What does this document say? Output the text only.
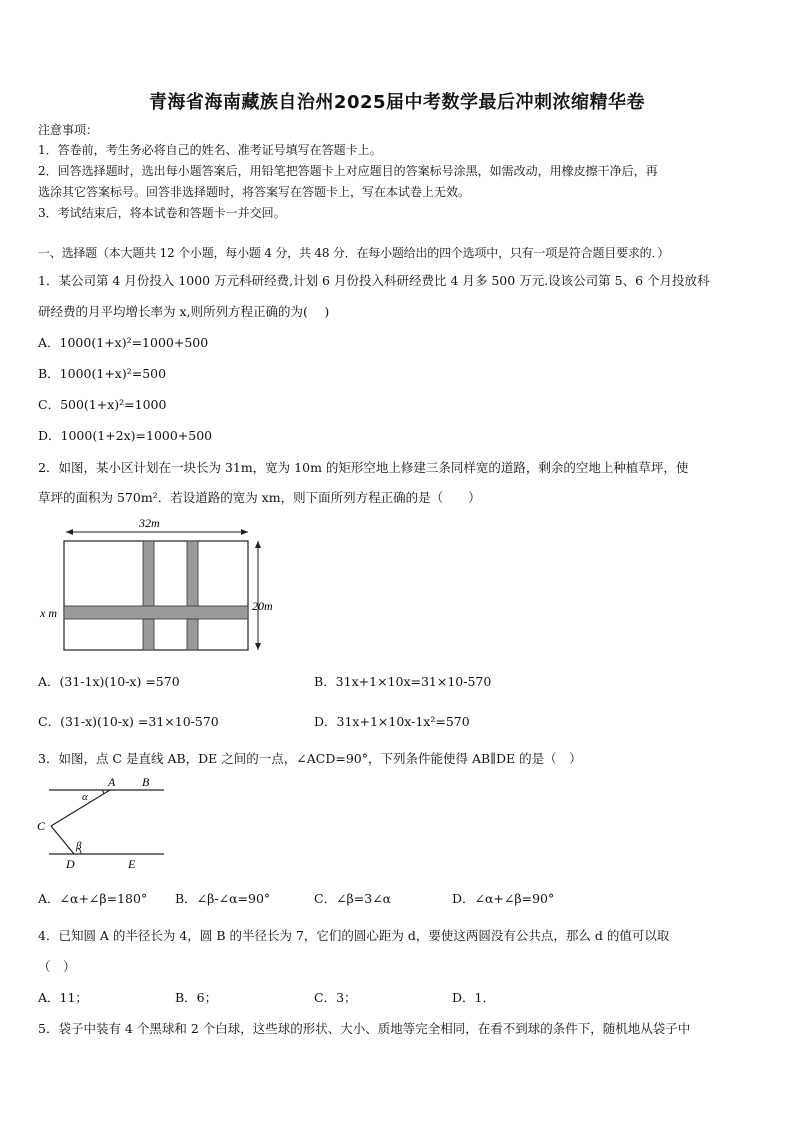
青海省海南藏族自治州2025届中考数学最后冲刺浓缩精华卷
注意事项：
1．答卷前，考生务必将自己的姓名、准考证号填写在答题卡上。
2．回答选择题时，选出每小题答案后，用铅笔把答题卡上对应题目的答案标号涂黑，如需改动，用橡皮擦干净后，再
选涂其它答案标号。回答非选择题时，将答案写在答题卡上，写在本试卷上无效。
3．考试结束后，将本试卷和答题卡一并交回。
一、选择题（本大题共 12 个小题，每小题 4 分，共 48 分．在每小题给出的四个选项中，只有一项是符合题目要求的．）
1．某公司第 4 月份投入 1000 万元科研经费,计划 6 月份投入科研经费比 4 月多 500 万元.设该公司第 5、6 个月投放科
研经费的月平均增长率为 x,则所列方程正确的为(　 )
A．1000(1+x)²=1000+500
B．1000(1+x)²=500
C．500(1+x)²=1000
D．1000(1+2x)=1000+500
2．如图，某小区计划在一块长为 31m，宽为 10m 的矩形空地上修建三条同样宽的道路，剩余的空地上种植草坪，使
草坪的面积为 570m²．若设道路的宽为 xm，则下面所列方程正确的是（　　）
32m
20m
x m
A．(31-1x)(10-x) =570	B．31x+1×10x=31×10-570
C．(31-x)(10-x) =31×10-570	D．31x+1×10x-1x²=570
3．如图，点 C 是直线 AB，DE 之间的一点，∠ACD=90°，下列条件能使得 AB∥DE 的是（　）
A B
C
D	E
α
β
A．∠α+∠β=180° B．∠β-∠α=90°	C．∠β=3∠α	D．∠α+∠β=90°
4．已知圆 A 的半径长为 4，圆 B 的半径长为 7，它们的圆心距为 d，要使这两圆没有公共点，那么 d 的值可以取
（　）
A．11；	B．6；	C．3；	D．1．
5．袋子中装有 4 个黑球和 2 个白球，这些球的形状、大小、质地等完全相同，在看不到球的条件下，随机地从袋子中
